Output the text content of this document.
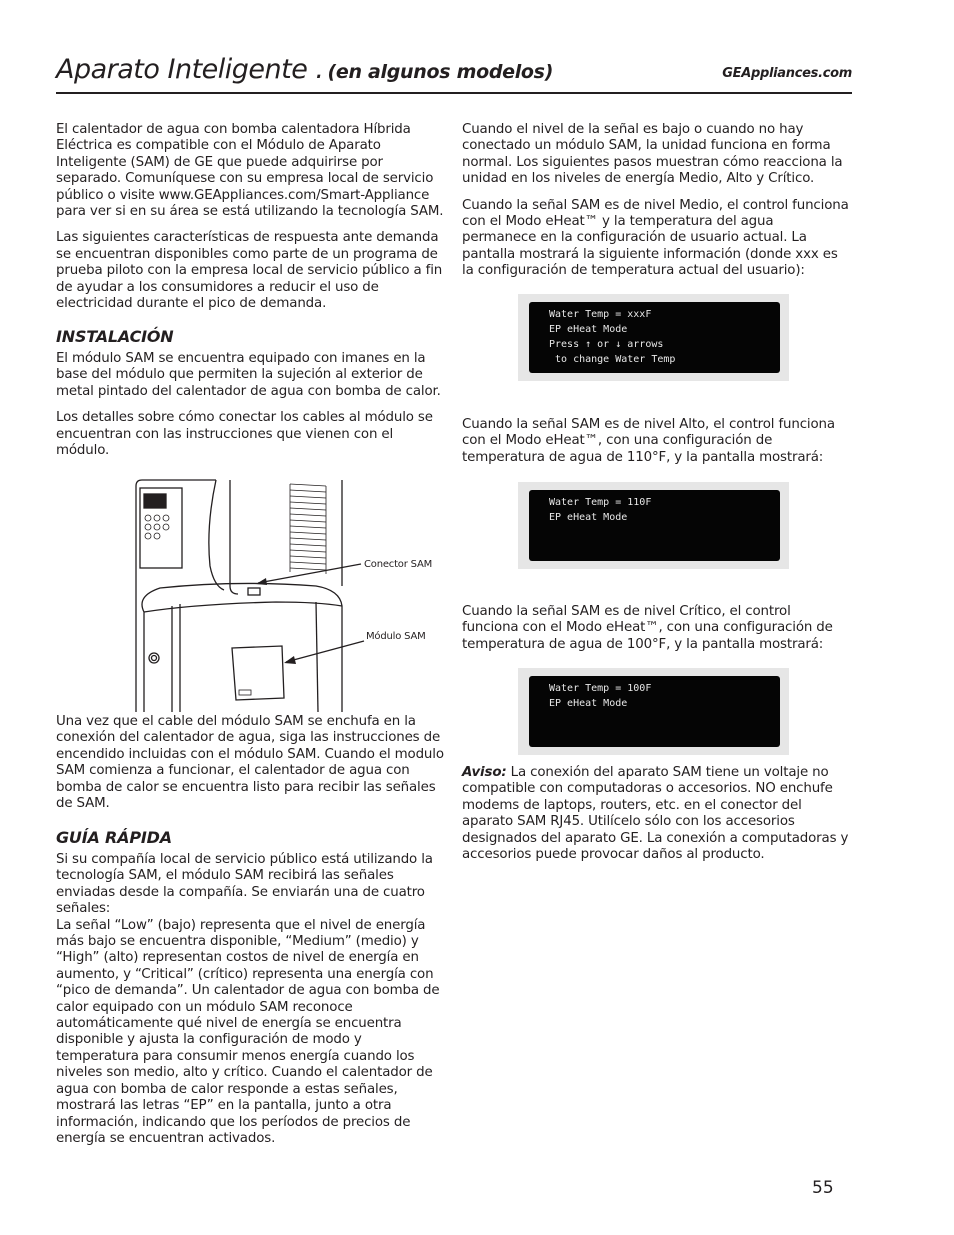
Aparato Inteligente . (en algunos modelos)	GEAppliances.com

El calentador de agua con bomba calentadora Híbrida Eléctrica es compatible con el Módulo de Aparato Inteligente (SAM) de GE que puede adquirirse por separado. Comuníquese con su empresa local de servicio público o visite www.GEAppliances.com/Smart-Appliance para ver si en su área se está utilizando la tecnología SAM.

Las siguientes características de respuesta ante demanda se encuentran disponibles como parte de un programa de prueba piloto con la empresa local de servicio público a fin de ayudar a los consumidores a reducir el uso de electricidad durante el pico de demanda.

INSTALACIÓN

El módulo SAM se encuentra equipado con imanes en la base del módulo que permiten la sujeción al exterior de metal pintado del calentador de agua con bomba de calor.

Los detalles sobre cómo conectar los cables al módulo se encuentran con las instrucciones que vienen con el módulo.

Conector SAM
Módulo SAM

Una vez que el cable del módulo SAM se enchufa en la conexión del calentador de agua, siga las instrucciones de encendido incluidas con el módulo SAM. Cuando el modulo SAM comienza a funcionar, el calentador de agua con bomba de calor se encuentra listo para recibir las señales de SAM.

GUÍA RÁPIDA

Si su compañía local de servicio público está utilizando la tecnología SAM, el módulo SAM recibirá las señales enviadas desde la compañía. Se enviarán una de cuatro señales:

La señal “Low” (bajo) representa que el nivel de energía más bajo se encuentra disponible, “Medium” (medio) y “High” (alto) representan costos de nivel de energía en aumento, y “Critical” (crítico) representa una energía con “pico de demanda”. Un calentador de agua con bomba de calor equipado con un módulo SAM reconoce automáticamente qué nivel de energía se encuentra disponible y ajusta la configuración de modo y temperatura para consumir menos energía cuando los niveles son medio, alto y crítico. Cuando el calentador de agua con bomba de calor responde a estas señales, mostrará las letras “EP” en la pantalla, junto a otra información, indicando que los períodos de precios de energía se encuentran activados.

Cuando el nivel de la señal es bajo o cuando no hay conectado un módulo SAM, la unidad funciona en forma normal. Los siguientes pasos muestran cómo reacciona la unidad en los niveles de energía Medio, Alto y Crítico.

Cuando la señal SAM es de nivel Medio, el control funciona con el Modo eHeat™ y la temperatura del agua permanece en la configuración de usuario actual. La pantalla mostrará la siguiente información (donde xxx es la configuración de temperatura actual del usuario):

Water Temp = xxxF
EP eHeat Mode
Press ↑ or ↓ arrows
to change Water Temp

Cuando la señal SAM es de nivel Alto, el control funciona con el Modo eHeat™, con una configuración de temperatura de agua de 110°F, y la pantalla mostrará:

Water Temp = 110F
EP eHeat Mode

Cuando la señal SAM es de nivel Crítico, el control funciona con el Modo eHeat™, con una configuración de temperatura de agua de 100°F, y la pantalla mostrará:

Water Temp = 100F
EP eHeat Mode

Aviso: La conexión del aparato SAM tiene un voltaje no compatible con computadoras o accesorios. NO enchufe modems de laptops, routers, etc. en el conector del aparato SAM RJ45. Utilícelo sólo con los accesorios designados del aparato GE. La conexión a computadoras y accesorios puede provocar daños al producto.

55
